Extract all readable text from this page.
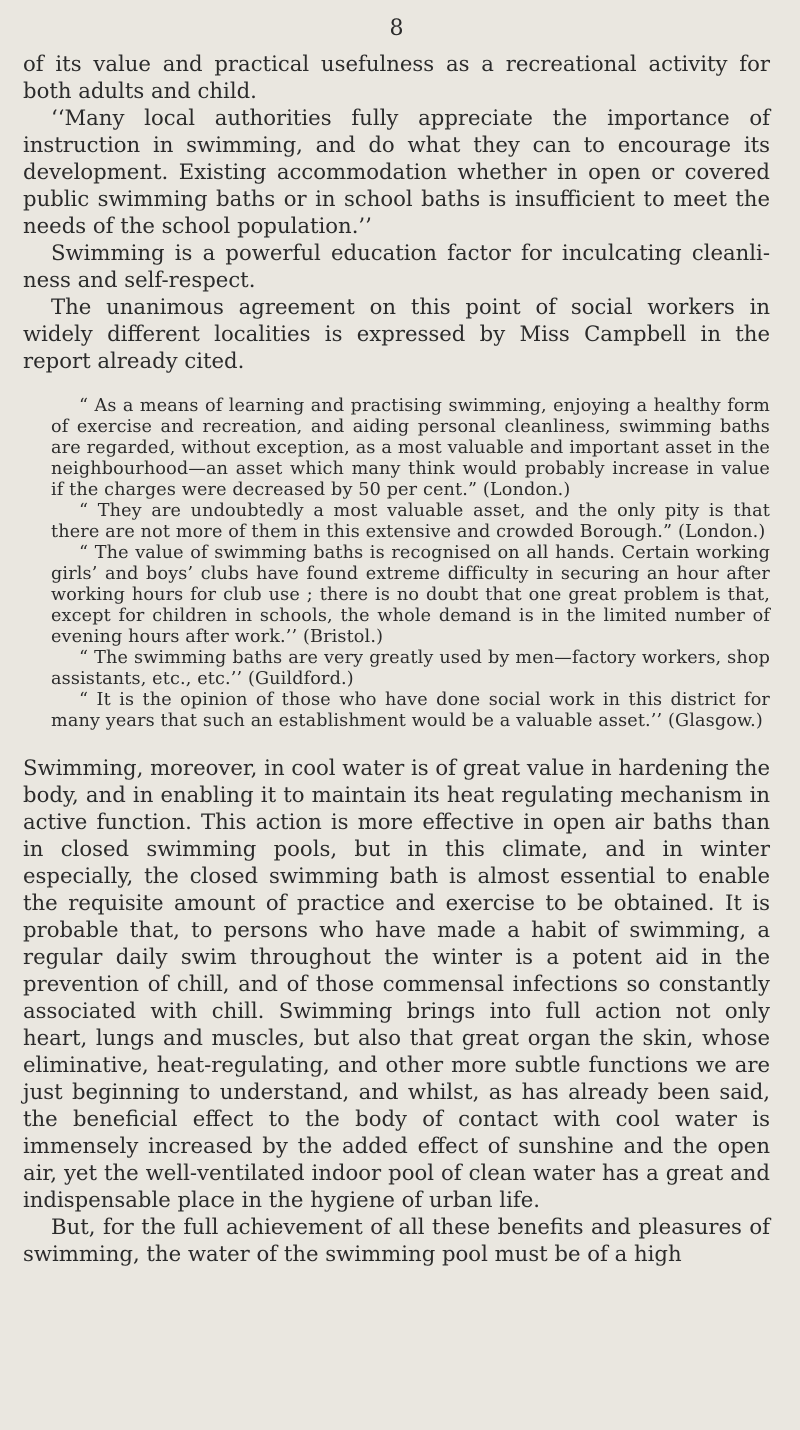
8

of its value and practical usefulness as a recreational activity for both adults and child.

‘‘Many local authorities fully appreciate the importance of instruction in swimming, and do what they can to encourage its development. Existing accommodation whether in open or covered public swimming baths or in school baths is insufficient to meet the needs of the school population.’’

Swimming is a powerful education factor for inculcating cleanli-ness and self-respect.

The unanimous agreement on this point of social workers in widely different localities is expressed by Miss Campbell in the report already cited.

“ As a means of learning and practising swimming, enjoying a healthy form of exercise and recreation, and aiding personal cleanliness, swimming baths are regarded, without exception, as a most valuable and important asset in the neighbourhood—an asset which many think would probably increase in value if the charges were decreased by 50 per cent.” (London.)

“ They are undoubtedly a most valuable asset, and the only pity is that there are not more of them in this extensive and crowded Borough.” (London.)

“ The value of swimming baths is recognised on all hands. Certain working girls’ and boys’ clubs have found extreme difficulty in securing an hour after working hours for club use ; there is no doubt that one great problem is that, except for children in schools, the whole demand is in the limited number of evening hours after work.’’ (Bristol.)

“ The swimming baths are very greatly used by men—factory workers, shop assistants, etc., etc.’’ (Guildford.)

“ It is the opinion of those who have done social work in this district for many years that such an establishment would be a valuable asset.’’ (Glasgow.)

Swimming, moreover, in cool water is of great value in hardening the body, and in enabling it to maintain its heat regulating mechanism in active function. This action is more effective in open air baths than in closed swimming pools, but in this climate, and in winter especially, the closed swimming bath is almost essential to enable the requisite amount of practice and exercise to be obtained. It is probable that, to persons who have made a habit of swimming, a regular daily swim throughout the winter is a potent aid in the prevention of chill, and of those commensal infections so constantly associated with chill. Swimming brings into full action not only heart, lungs and muscles, but also that great organ the skin, whose eliminative, heat-regulating, and other more subtle functions we are just beginning to understand, and whilst, as has already been said, the beneficial effect to the body of contact with cool water is immensely increased by the added effect of sunshine and the open air, yet the well-ventilated indoor pool of clean water has a great and indispensable place in the hygiene of urban life.

But, for the full achievement of all these benefits and pleasures of swimming, the water of the swimming pool must be of a high
